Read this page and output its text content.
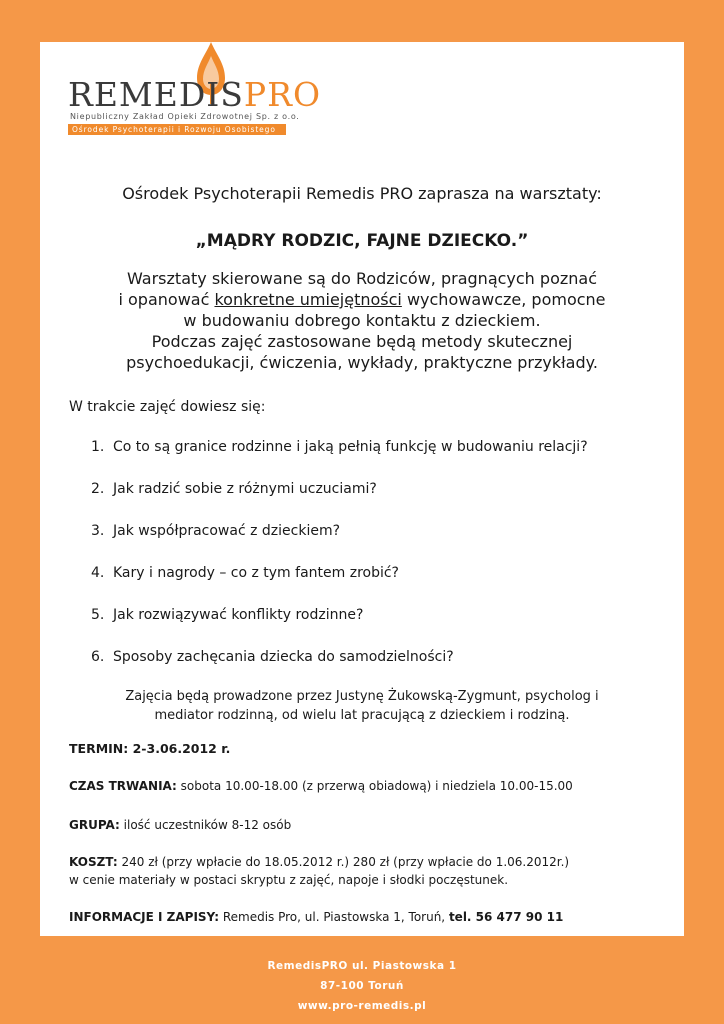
REMEDISPRO
Niepubliczny Zakład Opieki Zdrowotnej Sp. z o.o.
Ośrodek Psychoterapii i Rozwoju Osobistego
Ośrodek Psychoterapii Remedis PRO zaprasza na warsztaty:
„MĄDRY RODZIC, FAJNE DZIECKO.”
Warsztaty skierowane są do Rodziców, pragnących poznać
i opanować konkretne umiejętności wychowawcze, pomocne
w budowaniu dobrego kontaktu z dzieckiem.
Podczas zajęć zastosowane będą metody skutecznej
psychoedukacji, ćwiczenia, wykłady, praktyczne przykłady.
W trakcie zajęć dowiesz się:
1. Co to są granice rodzinne i jaką pełnią funkcję w budowaniu relacji?
2. Jak radzić sobie z różnymi uczuciami?
3. Jak współpracować z dzieckiem?
4. Kary i nagrody – co z tym fantem zrobić?
5. Jak rozwiązywać konflikty rodzinne?
6. Sposoby zachęcania dziecka do samodzielności?
Zajęcia będą prowadzone przez Justynę Żukowską-Zygmunt, psycholog i
mediator rodzinną, od wielu lat pracującą z dzieckiem i rodziną.
TERMIN: 2-3.06.2012 r.
CZAS TRWANIA: sobota 10.00-18.00 (z przerwą obiadową) i niedziela 10.00-15.00
GRUPA: ilość uczestników 8-12 osób
KOSZT: 240 zł (przy wpłacie do 18.05.2012 r.) 280 zł (przy wpłacie do 1.06.2012r.)
w cenie materiały w postaci skryptu z zajęć, napoje i słodki poczęstunek.
INFORMACJE I ZAPISY: Remedis Pro, ul. Piastowska 1, Toruń, tel. 56 477 90 11
RemedisPRO ul. Piastowska 1
87-100 Toruń
www.pro-remedis.pl
